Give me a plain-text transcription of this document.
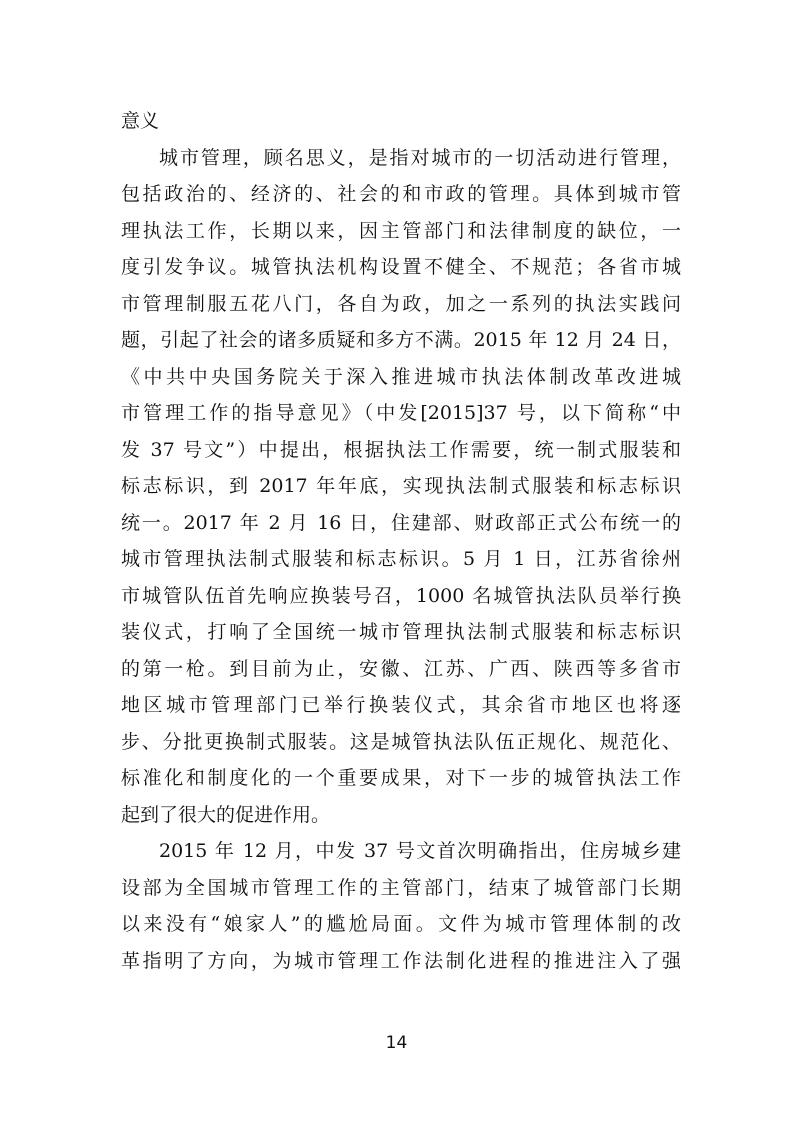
意义
城市管理，顾名思义，是指对城市的一切活动进行管理，
包括政治的、经济的、社会的和市政的管理。具体到城市管
理执法工作，长期以来，因主管部门和法律制度的缺位，一
度引发争议。城管执法机构设置不健全、不规范；各省市城
市管理制服五花八门，各自为政，加之一系列的执法实践问
题，引起了社会的诸多质疑和多方不满。2015 年 12 月 24 日，
《中共中央国务院关于深入推进城市执法体制改革改进城
市管理工作的指导意见》（中发[2015]37 号，以下简称“中
发 37 号文”）中提出，根据执法工作需要，统一制式服装和
标志标识，到 2017 年年底，实现执法制式服装和标志标识
统一。2017 年 2 月 16 日，住建部、财政部正式公布统一的
城市管理执法制式服装和标志标识。5 月 1 日，江苏省徐州
市城管队伍首先响应换装号召，1000 名城管执法队员举行换
装仪式，打响了全国统一城市管理执法制式服装和标志标识
的第一枪。到目前为止，安徽、江苏、广西、陕西等多省市
地区城市管理部门已举行换装仪式，其余省市地区也将逐
步、分批更换制式服装。这是城管执法队伍正规化、规范化、
标准化和制度化的一个重要成果，对下一步的城管执法工作
起到了很大的促进作用。
2015 年 12 月，中发 37 号文首次明确指出，住房城乡建
设部为全国城市管理工作的主管部门，结束了城管部门长期
以来没有“娘家人”的尴尬局面。文件为城市管理体制的改
革指明了方向，为城市管理工作法制化进程的推进注入了强
14
